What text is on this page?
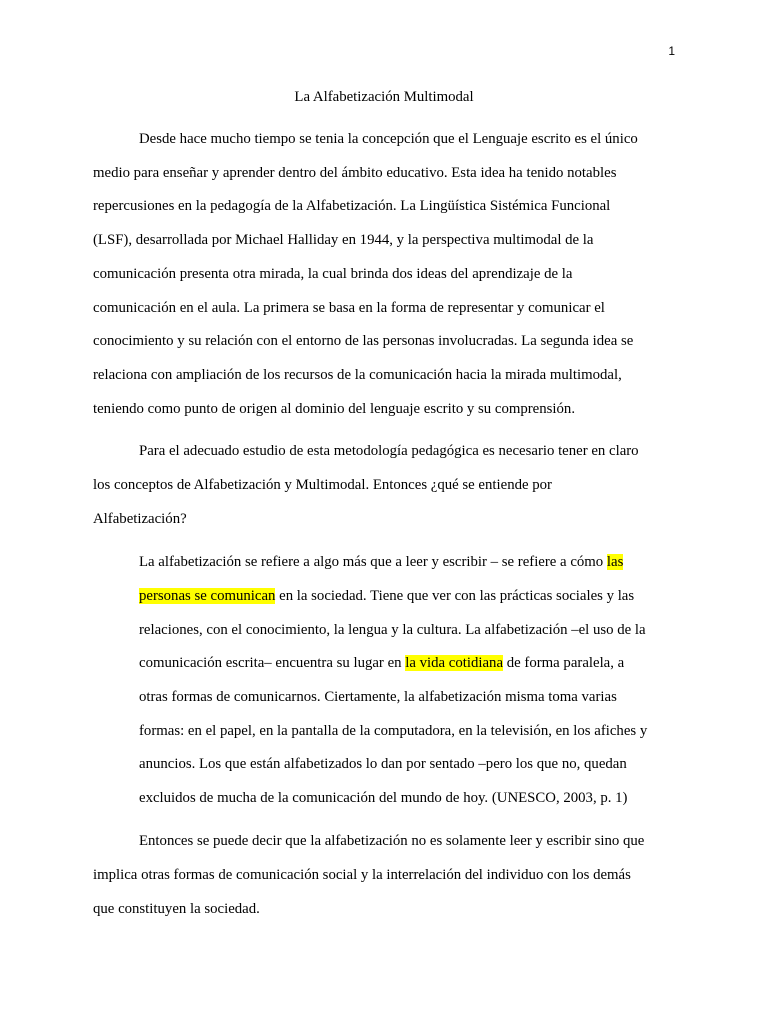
1
La Alfabetización Multimodal
Desde hace mucho tiempo se tenia la concepción que el Lenguaje escrito es el único
medio para enseñar y aprender dentro del ámbito educativo. Esta idea ha tenido notables
repercusiones en la pedagogía de la Alfabetización. La Lingüística Sistémica Funcional
(LSF), desarrollada por Michael Halliday en 1944, y la perspectiva multimodal de la
comunicación presenta otra mirada, la cual brinda dos ideas del aprendizaje de la
comunicación en el aula. La primera se basa en la forma de representar y comunicar el
conocimiento y su relación con el entorno de las personas involucradas. La segunda idea se
relaciona con ampliación de los recursos de la comunicación hacia la mirada multimodal,
teniendo como punto de origen al dominio del lenguaje escrito y su comprensión.
Para el adecuado estudio de esta metodología pedagógica es necesario tener en claro
los conceptos de Alfabetización y Multimodal. Entonces ¿qué se entiende por
Alfabetización?
La alfabetización se refiere a algo más que a leer y escribir – se refiere a cómo las
personas se comunican en la sociedad. Tiene que ver con las prácticas sociales y las
relaciones, con el conocimiento, la lengua y la cultura. La alfabetización –el uso de la
comunicación escrita– encuentra su lugar en la vida cotidiana de forma paralela, a
otras formas de comunicarnos. Ciertamente, la alfabetización misma toma varias
formas: en el papel, en la pantalla de la computadora, en la televisión, en los afiches y
anuncios. Los que están alfabetizados lo dan por sentado –pero los que no, quedan
excluidos de mucha de la comunicación del mundo de hoy. (UNESCO, 2003, p. 1)
Entonces se puede decir que la alfabetización no es solamente leer y escribir sino que
implica otras formas de comunicación social y la interrelación del individuo con los demás
que constituyen la sociedad.
